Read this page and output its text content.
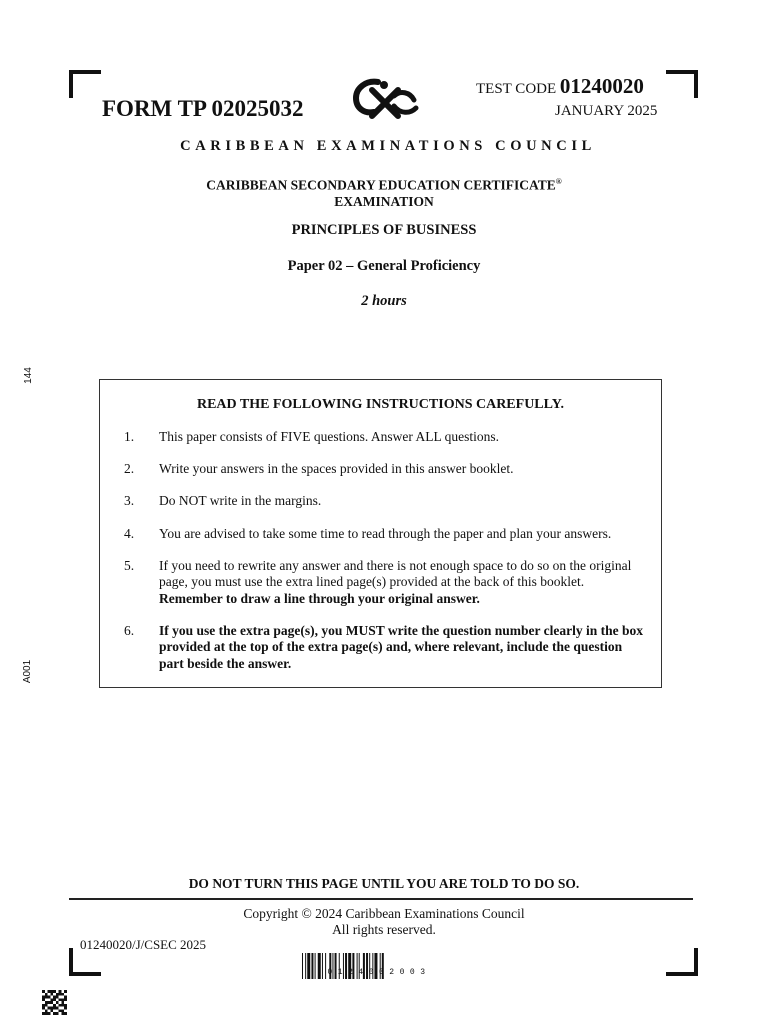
FORM TP 02025032
TEST CODE 01240020
JANUARY 2025
CARIBBEAN EXAMINATIONS COUNCIL
CARIBBEAN SECONDARY EDUCATION CERTIFICATE®
EXAMINATION
PRINCIPLES OF BUSINESS
Paper 02 – General Proficiency
2 hours
144
A001
READ THE FOLLOWING INSTRUCTIONS CAREFULLY.
1. This paper consists of FIVE questions. Answer ALL questions.
2. Write your answers in the spaces provided in this answer booklet.
3. Do NOT write in the margins.
4. You are advised to take some time to read through the paper and plan your answers.
5. If you need to rewrite any answer and there is not enough space to do so on the original page, you must use the extra lined page(s) provided at the back of this booklet. Remember to draw a line through your original answer.
6. If you use the extra page(s), you MUST write the question number clearly in the box provided at the top of the extra page(s) and, where relevant, include the question part beside the answer.
DO NOT TURN THIS PAGE UNTIL YOU ARE TOLD TO DO SO.
Copyright © 2024 Caribbean Examinations Council
All rights reserved.
01240020/J/CSEC 2025
0124002003
